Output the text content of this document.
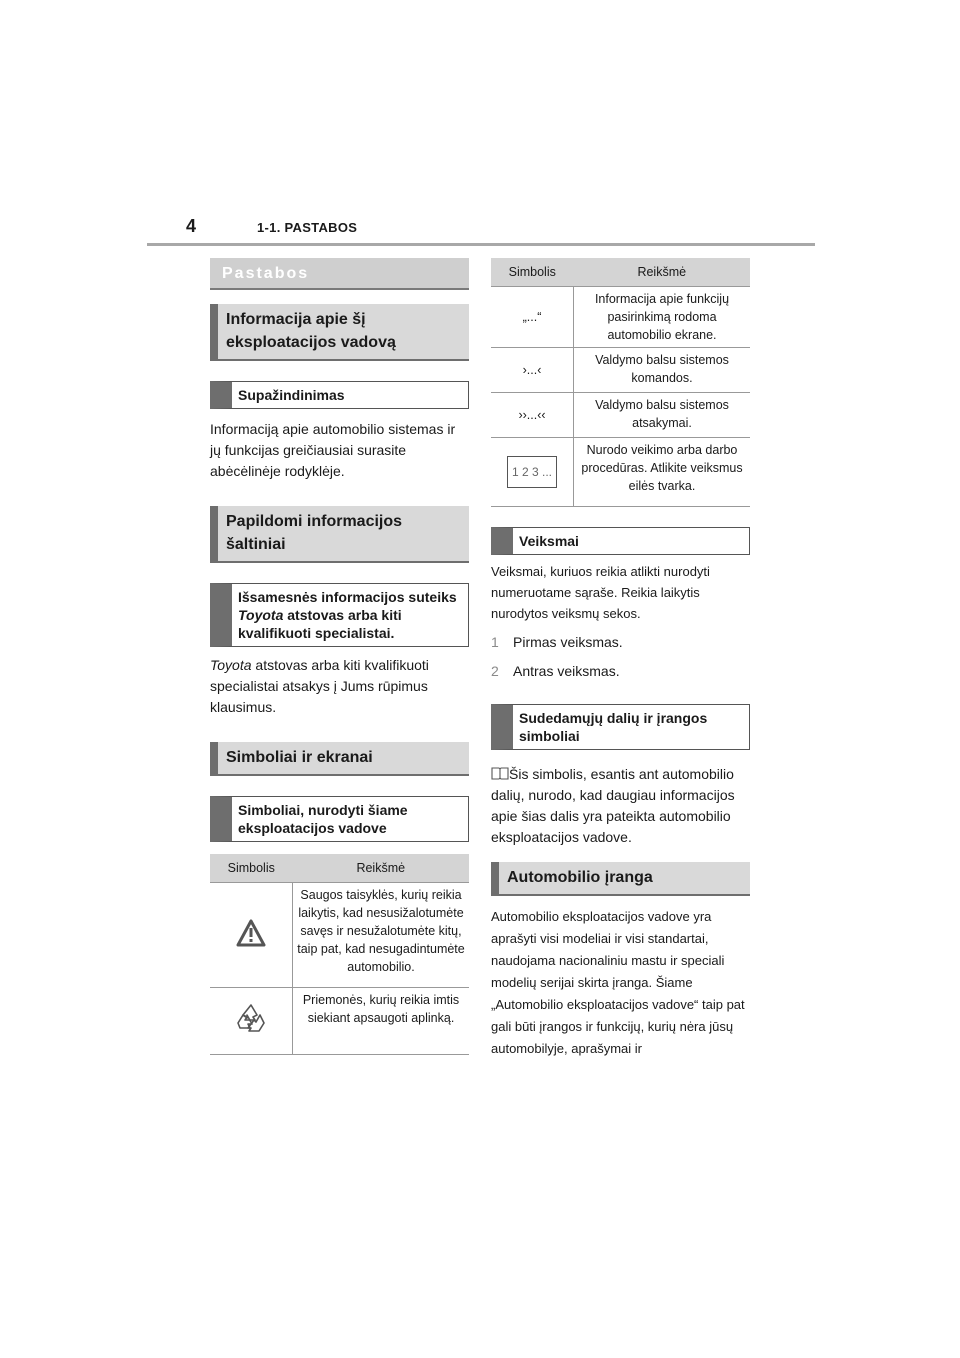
4	1-1. PASTABOS
Pastabos
Informacija apie šį eksploatacijos vadovą
Supažindinimas
Informaciją apie automobilio sistemas ir jų funkcijas greičiausiai surasite abėcėlinėje rodyklėje.
Papildomi informacijos šaltiniai
Išsamesnės informacijos suteiks Toyota atstovas arba kiti kvalifikuoti specialistai.
Toyota atstovas arba kiti kvalifikuoti specialistai atsakys į Jums rūpimus klausimus.
Simboliai ir ekranai
Simboliai, nurodyti šiame eksploatacijos vadove
Simbolis	Reikšmė
	Saugos taisyklės, kurių reikia laikytis, kad nesusižalotumėte savęs ir nesužalotumėte kitų, taip pat, kad nesugadintumėte automobilio.
	Priemonės, kurių reikia imtis siekiant apsaugoti aplinką.
Simbolis	Reikšmė
„...“	Informacija apie funkcijų pasirinkimą rodoma automobilio ekrane.
›...‹	Valdymo balsu sistemos komandos.
››...‹‹	Valdymo balsu sistemos atsakymai.
1 2 3 ...	Nurodo veikimo arba darbo procedūras. Atlikite veiksmus eilės tvarka.
Veiksmai
Veiksmai, kuriuos reikia atlikti nurodyti numeruotame sąraše. Reikia laikytis nurodytos veiksmų sekos.
1 Pirmas veiksmas.
2 Antras veiksmas.
Sudedamųjų dalių ir įrangos simboliai
Šis simbolis, esantis ant automobilio dalių, nurodo, kad daugiau informacijos apie šias dalis yra pateikta automobilio eksploatacijos vadove.
Automobilio įranga
Automobilio eksploatacijos vadove yra aprašyti visi modeliai ir visi standartai, naudojama nacionaliniu mastu ir speciali modelių serijai skirta įranga. Šiame „Automobilio eksploatacijos vadove“ taip pat gali būti įrangos ir funkcijų, kurių nėra jūsų automobilyje, aprašymai ir
